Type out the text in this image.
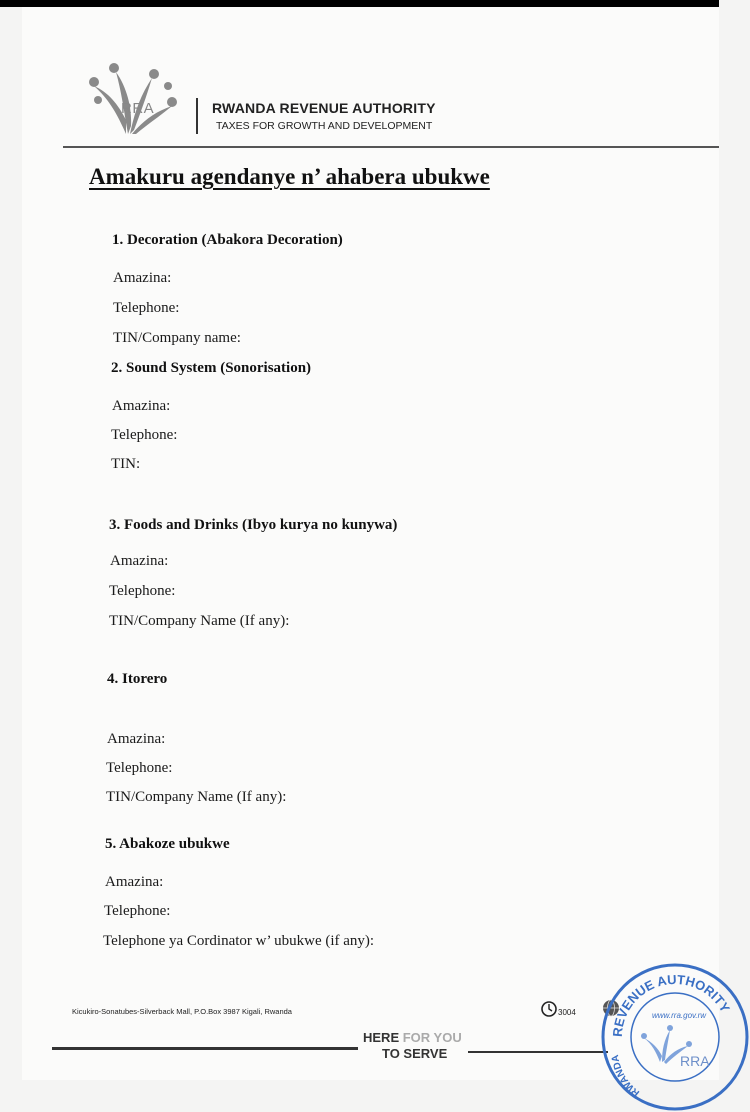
RRA	RWANDA REVENUE AUTHORITY
TAXES FOR GROWTH AND DEVELOPMENT
Amakuru agendanye n’ ahabera ubukwe
1. Decoration (Abakora Decoration)
Amazina:
Telephone:
TIN/Company name:
2. Sound System (Sonorisation)
Amazina:
Telephone:
TIN:
3. Foods and Drinks (Ibyo kurya no kunywa)
Amazina:
Telephone:
TIN/Company Name (If any):
4. Itorero
Amazina:
Telephone:
TIN/Company Name (If any):
5. Abakoze ubukwe
Amazina:
Telephone:
Telephone ya Cordinator w’ ubukwe (if any):
Kicukiro-Sonatubes-Silverback Mall, P.O.Box 3987 Kigali, Rwanda	3004
HERE FOR YOU
TO SERVE
REVENUE AUTHORITY
RWANDA
www.rra.gov.rw
RRA
